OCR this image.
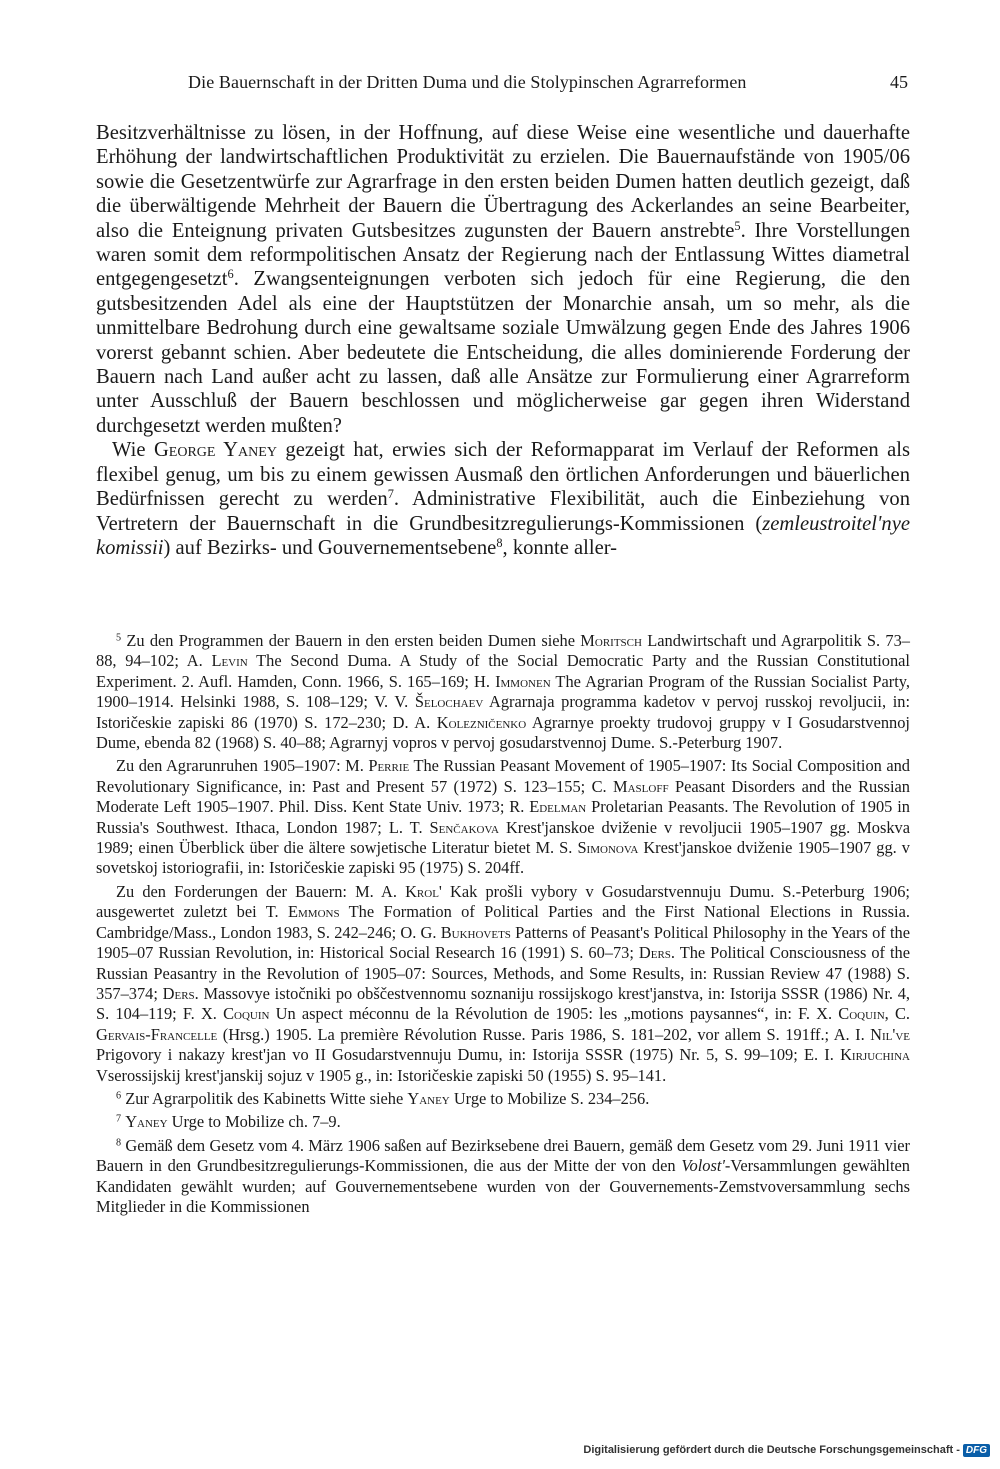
Die Bauernschaft in der Dritten Duma und die Stolypinschen Agrarreformen	45

Besitzverhältnisse zu lösen, in der Hoffnung, auf diese Weise eine wesentliche und dauerhafte Erhöhung der landwirtschaftlichen Produktivität zu erzielen. Die Bauernaufstände von 1905/06 sowie die Gesetzentwürfe zur Agrarfrage in den ersten beiden Dumen hatten deutlich gezeigt, daß die überwältigende Mehrheit der Bauern die Übertragung des Ackerlandes an seine Bearbeiter, also die Enteignung privaten Gutsbesitzes zugunsten der Bauern anstrebte$^5$. Ihre Vorstellungen waren somit dem reformpolitischen Ansatz der Regierung nach der Entlassung Wittes diametral entgegengesetzt$^6$. Zwangsenteignungen verboten sich jedoch für eine Regierung, die den gutsbesitzenden Adel als eine der Hauptstützen der Monarchie ansah, um so mehr, als die unmittelbare Bedrohung durch eine gewaltsame soziale Umwälzung gegen Ende des Jahres 1906 vorerst gebannt schien. Aber bedeutete die Entscheidung, die alles dominierende Forderung der Bauern nach Land außer acht zu lassen, daß alle Ansätze zur Formulierung einer Agrarreform unter Ausschluß der Bauern beschlossen und möglicherweise gar gegen ihren Widerstand durchgesetzt werden mußten?

Wie George Yaney gezeigt hat, erwies sich der Reformapparat im Verlauf der Reformen als flexibel genug, um bis zu einem gewissen Ausmaß den örtlichen Anforderungen und bäuerlichen Bedürfnissen gerecht zu werden$^7$. Administrative Flexibilität, auch die Einbeziehung von Vertretern der Bauernschaft in die Grundbesitzregulierungs-Kommissionen (zemleustroitel'nye komissii) auf Bezirks- und Gouvernementsebene$^8$, konnte aller-

$^5$ Zu den Programmen der Bauern in den ersten beiden Dumen siehe Moritsch Landwirtschaft und Agrarpolitik S. 73–88, 94–102; A. Levin The Second Duma. A Study of the Social Democratic Party and the Russian Constitutional Experiment. 2. Aufl. Hamden, Conn. 1966, S. 165–169; H. Immonen The Agrarian Program of the Russian Socialist Party, 1900–1914. Helsinki 1988, S. 108–129; V. V. Šelochaev Agrarnaja programma kadetov v pervoj russkoj revoljucii, in: Istoričeskie zapiski 86 (1970) S. 172–230; D. A. Kolezničenko Agrarnye proekty trudovoj gruppy v I Gosudarstvennoj Dume, ebenda 82 (1968) S. 40–88; Agrarnyj vopros v pervoj gosudarstvennoj Dume. S.-Peterburg 1907.

Zu den Agrarunruhen 1905–1907: M. Perrie The Russian Peasant Movement of 1905–1907: Its Social Composition and Revolutionary Significance, in: Past and Present 57 (1972) S. 123–155; C. Masloff Peasant Disorders and the Russian Moderate Left 1905–1907. Phil. Diss. Kent State Univ. 1973; R. Edelman Proletarian Peasants. The Revolution of 1905 in Russia's Southwest. Ithaca, London 1987; L. T. Senčakova Krest'janskoe dviženie v revoljucii 1905–1907 gg. Moskva 1989; einen Überblick über die ältere sowjetische Literatur bietet M. S. Simonova Krest'janskoe dviženie 1905–1907 gg. v sovetskoj istoriografii, in: Istoričeskie zapiski 95 (1975) S. 204ff.

Zu den Forderungen der Bauern: M. A. Krol' Kak prošli vybory v Gosudarstvennuju Dumu. S.-Peterburg 1906; ausgewertet zuletzt bei T. Emmons The Formation of Political Parties and the First National Elections in Russia. Cambridge/Mass., London 1983, S. 242–246; O. G. Bukhovets Patterns of Peasant's Political Philosophy in the Years of the 1905–07 Russian Revolution, in: Historical Social Research 16 (1991) S. 60–73; Ders. The Political Consciousness of the Russian Peasantry in the Revolution of 1905–07: Sources, Methods, and Some Results, in: Russian Review 47 (1988) S. 357–374; Ders. Massovye istočniki po obščestvennomu soznaniju rossijskogo krest'janstva, in: Istorija SSSR (1986) Nr. 4, S. 104–119; F. X. Coquin Un aspect méconnu de la Révolution de 1905: les „motions paysannes“, in: F. X. Coquin, C. Gervais-Francelle (Hrsg.) 1905. La première Révolution Russe. Paris 1986, S. 181–202, vor allem S. 191ff.; A. I. Nil've Prigovory i nakazy krest'jan vo II Gosudarstvennuju Dumu, in: Istorija SSSR (1975) Nr. 5, S. 99–109; E. I. Kirjuchina Vserossijskij krest'janskij sojuz v 1905 g., in: Istoričeskie zapiski 50 (1955) S. 95–141.

$^6$ Zur Agrarpolitik des Kabinetts Witte siehe Yaney Urge to Mobilize S. 234–256.

$^7$ Yaney Urge to Mobilize ch. 7–9.

$^8$ Gemäß dem Gesetz vom 4. März 1906 saßen auf Bezirksebene drei Bauern, gemäß dem Gesetz vom 29. Juni 1911 vier Bauern in den Grundbesitzregulierungs-Kommissionen, die aus der Mitte der von den Volost'-Versammlungen gewählten Kandidaten gewählt wurden; auf Gouvernementsebene wurden von der Gouvernements-Zemstvoversammlung sechs Mitglieder in die Kommissionen

Digitalisierung gefördert durch die Deutsche Forschungsgemeinschaft - DFG
